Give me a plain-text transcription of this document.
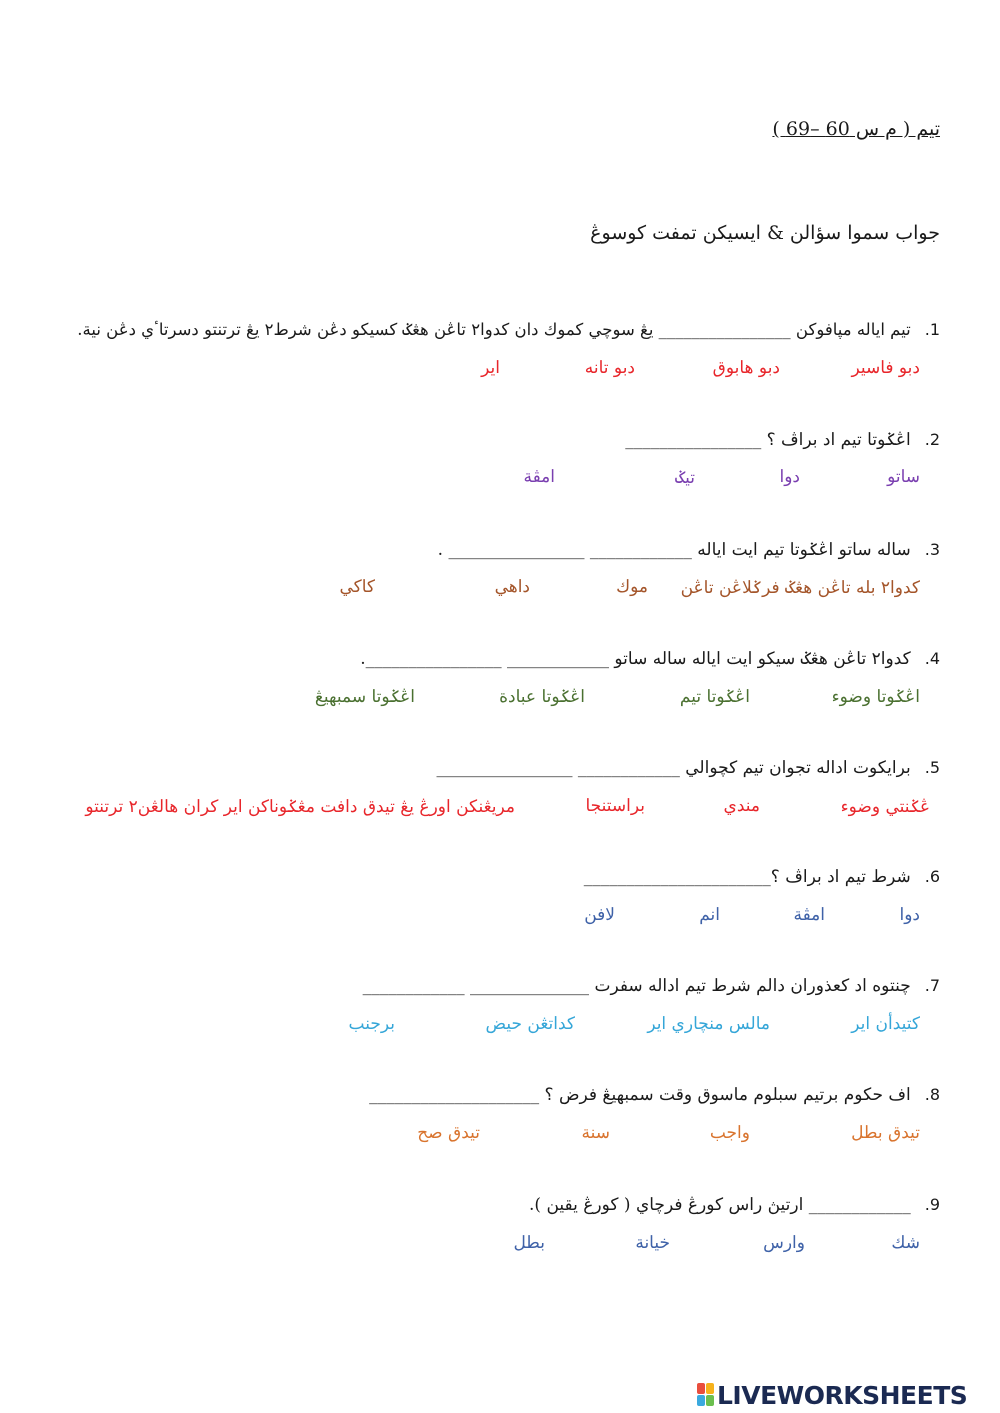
تيم ( م س 60 –69 )
جواب سموا سؤالن & ايسيكن تمفت کوسوڠ
1.
تيم اياله مپافوكن ________________ يڠ سوچي كموك دان كدوا٢ تاڠن هڠݢ كسيكو دڠن شرط٢ يڠ ترتنتو دسرتاٴي دڠن نية.
دبو فاسير
دبو هابوق
دبو تانه
اير
2.
اڠݢوتا تيم اد براڤ ؟ ________________
ساتو
دوا
تيݢ
امڤة
3.
ساله ساتو اڠݢوتا تيم ايت اياله ____________ ________________ .
كدوا٢ بله تاڠن هڠݢ فرݢلاڠن تاڠن
موك
داهي
كاكي
4.
كدوا٢ تاڠن هڠݢ سيكو ايت اياله ساله ساتو ____________ ________________.
اڠݢوتا وضوء
اڠݢوتا تيم
اڠݢوتا عبادة
اڠݢوتا سمبهيڠ
5.
برايكوت اداله تجوان تيم كچوالي ____________ ________________
ڠݢنتي وضوء
مندي
براستنجا
مريڠنكن اورڠ يڠ تيدق دافت مڠݢوناكن اير كران هالڠن٢ ترتنتو
6.
شرط تيم اد براڤ ؟______________________
دوا
امڤة
انم
لافن
7.
چنتوه اد كعذوران دالم شرط تيم اداله سفرت ______________ ____________
كتيدأن اير
مالس منچاري اير
كداتڠن حيض
برجنب
8.
اف حكوم برتيم سبلوم ماسوق وقت سمبهيڠ فرض ؟ ____________________
تيدق بطل
واجب
سنة
تيدق صح
9.
____________ ارتيڽ راس كورڠ فرچاي ( كورڠ يقين ).
شك
وارس
خيانة
بطل
LIVEWORKSHEETS
